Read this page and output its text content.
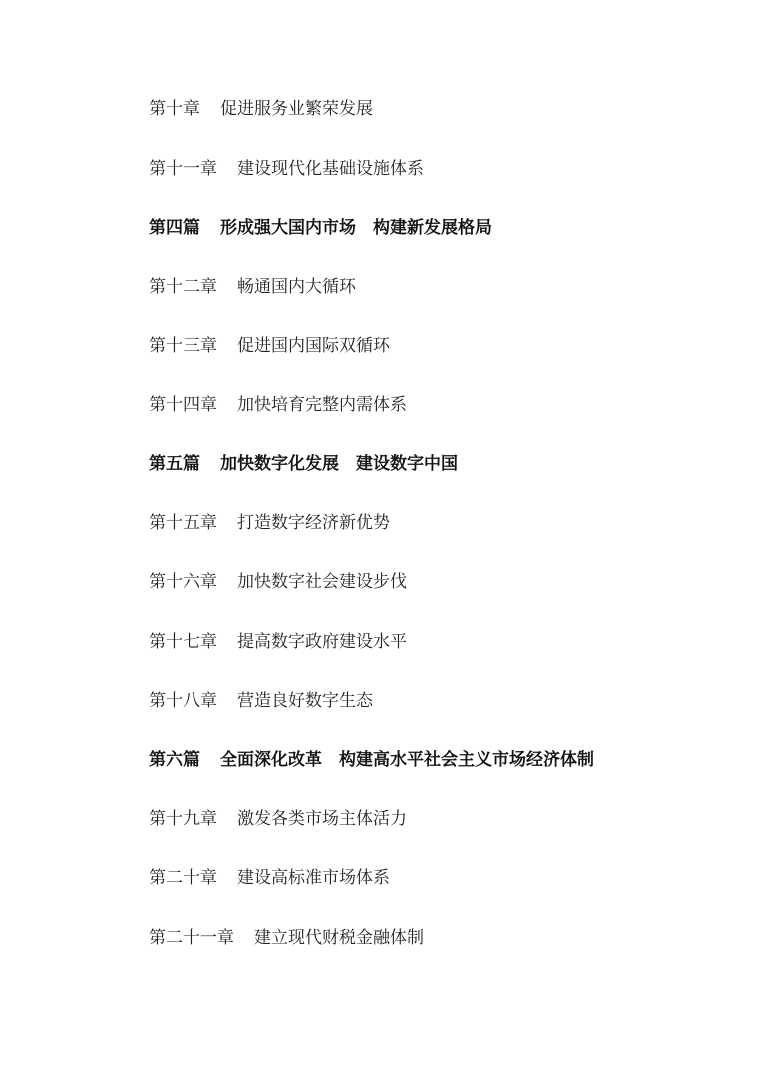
第十章 促进服务业繁荣发展

第十一章 建设现代化基础设施体系

第四篇 形成强大国内市场　构建新发展格局

第十二章 畅通国内大循环

第十三章 促进国内国际双循环

第十四章 加快培育完整内需体系

第五篇 加快数字化发展　建设数字中国

第十五章 打造数字经济新优势

第十六章 加快数字社会建设步伐

第十七章 提高数字政府建设水平

第十八章 营造良好数字生态

第六篇 全面深化改革　构建高水平社会主义市场经济体制

第十九章 激发各类市场主体活力

第二十章 建设高标准市场体系

第二十一章 建立现代财税金融体制
